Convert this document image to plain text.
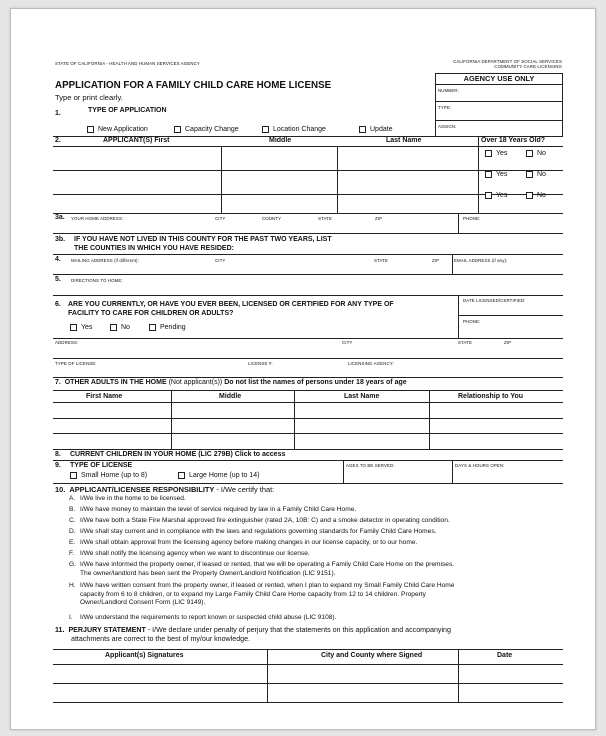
STATE OF CALIFORNIA - HEALTH AND HUMAN SERVICES AGENCY	CALIFORNIA DEPARTMENT OF SOCIAL SERVICES
COMMUNITY CARE LICENSING
APPLICATION FOR A FAMILY CHILD CARE HOME LICENSE
Type or print clearly.
AGENCY USE ONLY
NUMBER:
TYPE:
ASSIGN:
1.	TYPE OF APPLICATION
New Application	Capacity Change	Location Change	Update
2.	APPLICANT(S) First	Middle	Last Name	Over 18 Years Old?
Yes	No
Yes	No
Yes	No
3a. YOUR HOME ADDRESS:	CITY	COUNTY	STATE	ZIP	PHONE:
3b. IF YOU HAVE NOT LIVED IN THIS COUNTY FOR THE PAST TWO YEARS, LIST
THE COUNTIES IN WHICH YOU HAVE RESIDED:
4. MAILING ADDRESS (if different):	CITY	STATE	ZIP	EMAIL ADDRESS (if any):
5. DIRECTIONS TO HOME:
6. ARE YOU CURRENTLY, OR HAVE YOU EVER BEEN, LICENSED OR CERTIFIED FOR ANY TYPE OF
FACILITY TO CARE FOR CHILDREN OR ADULTS?
Yes	No	Pending
DATE LICENSED/CERTIFIED:
PHONE:
ADDRESS:	CITY	STATE	ZIP
TYPE OF LICENSE:	LICENSE #:	LICENSING AGENCY:
7. OTHER ADULTS IN THE HOME (Not applicant(s)) Do not list the names of persons under 18 years of age
First Name	Middle	Last Name	Relationship to You
8. CURRENT CHILDREN IN YOUR HOME (LIC 279B) Click to access
9. TYPE OF LICENSE
Small Home (up to 8)	Large Home (up to 14)
AGES TO BE SERVED:	DAYS & HOURS OPEN:
10. APPLICANT/LICENSEE RESPONSIBILITY - I/We certify that:
A. I/We live in the home to be licensed.
B. I/We have money to maintain the level of service required by law in a Family Child Care Home.
C. I/We have both a State Fire Marshal approved fire extinguisher (rated 2A, 10B: C) and a smoke detector in operating condition.
D. I/We shall stay current and in compliance with the laws and regulations governing standards for Family Child Care Homes.
E. I/We shall obtain approval from the licensing agency before making changes in our license capacity, or to our home.
F. I/We shall notify the licensing agency when we want to discontinue our license.
G. I/We have informed the property owner, if leased or rented, that we will be operating a Family Child Care Home on the premises.
The owner/landlord has been sent the Property Owner/Landlord Notification (LIC 9151).
H. I/We have written consent from the property owner, if leased or rented, when I plan to expand my Small Family Child Care Home
capacity from 6 to 8 children, or to expand my Large Family Child Care Home capacity from 12 to 14 children. Property
Owner/Landlord Consent Form (LIC 9149).
I.	I/We understand the requirements to report known or suspected child abuse (LIC 9108).
11. PERJURY STATEMENT - I/We declare under penalty of perjury that the statements on this application and accompanying
attachments are correct to the best of my/our knowledge.
Applicant(s) Signatures	City and County where Signed	Date
